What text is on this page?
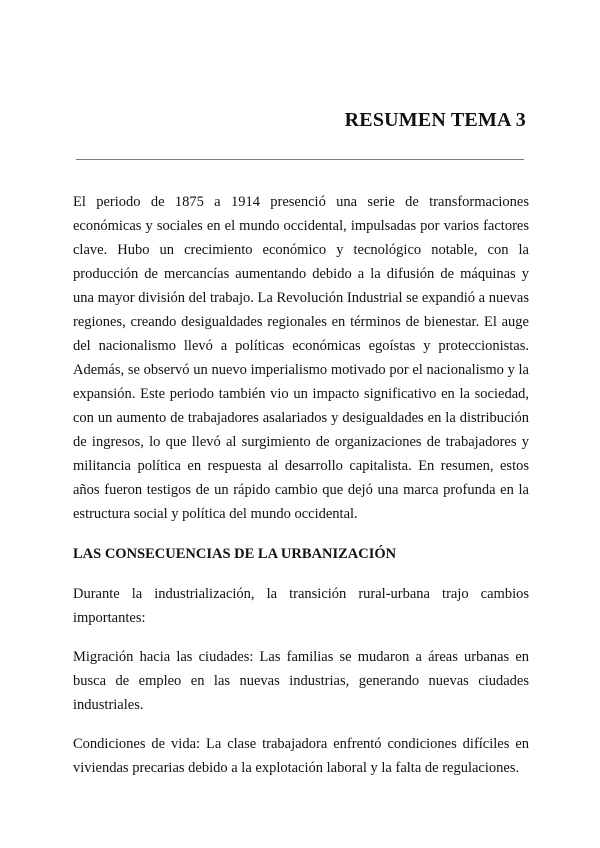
RESUMEN TEMA 3

El periodo de 1875 a 1914 presenció una serie de transformaciones económicas y sociales en el mundo occidental, impulsadas por varios factores clave. Hubo un crecimiento económico y tecnológico notable, con la producción de mercancías aumentando debido a la difusión de máquinas y una mayor división del trabajo. La Revolución Industrial se expandió a nuevas regiones, creando desigualdades regionales en términos de bienestar. El auge del nacionalismo llevó a políticas económicas egoístas y proteccionistas. Además, se observó un nuevo imperialismo motivado por el nacionalismo y la expansión. Este periodo también vio un impacto significativo en la sociedad, con un aumento de trabajadores asalariados y desigualdades en la distribución de ingresos, lo que llevó al surgimiento de organizaciones de trabajadores y militancia política en respuesta al desarrollo capitalista. En resumen, estos años fueron testigos de un rápido cambio que dejó una marca profunda en la estructura social y política del mundo occidental.

LAS CONSECUENCIAS DE LA URBANIZACIÓN

Durante la industrialización, la transición rural-urbana trajo cambios importantes:

Migración hacia las ciudades: Las familias se mudaron a áreas urbanas en busca de empleo en las nuevas industrias, generando nuevas ciudades industriales.

Condiciones de vida: La clase trabajadora enfrentó condiciones difíciles en viviendas precarias debido a la explotación laboral y la falta de regulaciones.
